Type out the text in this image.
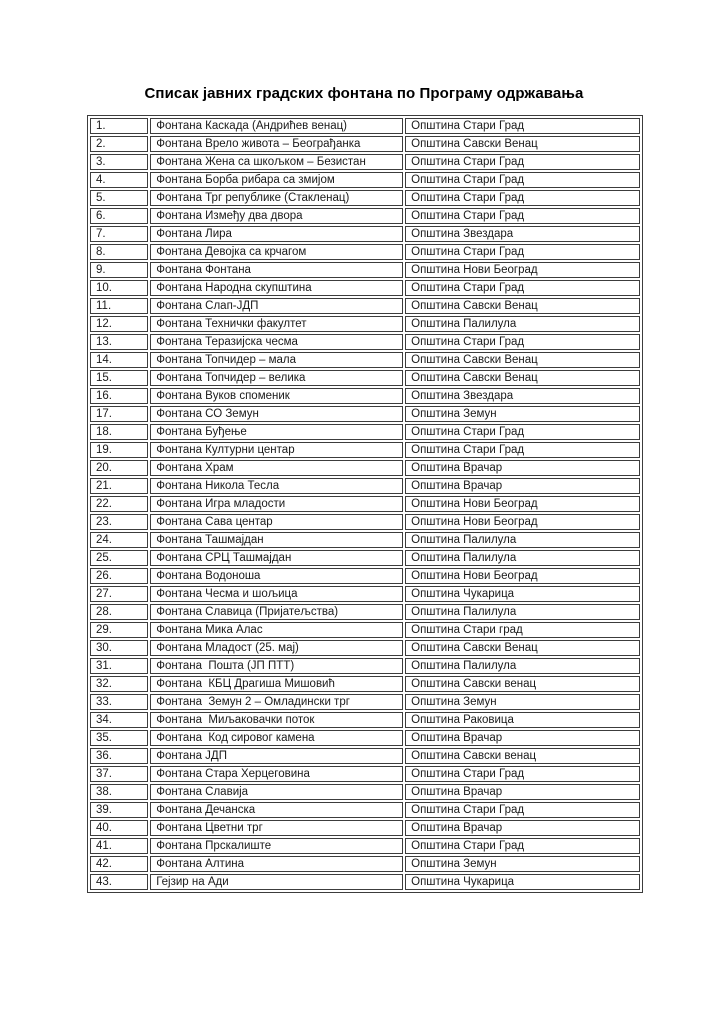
Списак јавних градских фонтана по Програму одржавања
1.	Фонтана Каскада (Андрићев венац)	Општина Стари Град
2.	Фонтана Врело живота – Београђанка	Општина Савски Венац
3.	Фонтана Жена са шкољком – Безистан	Општина Стари Град
4.	Фонтана Борба рибара са змијом	Општина Стари Град
5.	Фонтана Трг републике (Стакленац)	Општина Стари Град
6.	Фонтана Између два двора	Општина Стари Град
7.	Фонтана Лира	Општина Звездара
8.	Фонтана Девојка са крчагом	Општина Стари Град
9.	Фонтана Фонтана	Општина Нови Београд
10.	Фонтана Народна скупштина	Општина Стари Град
11.	Фонтана Слап-ЈДП	Општина Савски Венац
12.	Фонтана Технички факултет	Општина Палилула
13.	Фонтана Теразијска чесма	Општина Стари Град
14.	Фонтана Топчидер – мала	Општина Савски Венац
15.	Фонтана Топчидер – велика	Општина Савски Венац
16.	Фонтана Вуков споменик	Општина Звездара
17.	Фонтана СО Земун	Општина Земун
18.	Фонтана Буђење	Општина Стари Град
19.	Фонтана Културни центар	Општина Стари Град
20.	Фонтана Храм	Општина Врачар
21.	Фонтана Никола Тесла	Општина Врачар
22.	Фонтана Игра младости	Општина Нови Београд
23.	Фонтана Сава центар	Општина Нови Београд
24.	Фонтана Ташмајдан	Општина Палилула
25.	Фонтана СРЦ Ташмајдан	Општина Палилула
26.	Фонтана Водоноша	Општина Нови Београд
27.	Фонтана Чесма и шољица	Општина Чукарица
28.	Фонтана Славица (Пријатељства)	Општина Палилула
29.	Фонтана Мика Алас	Општина Стари град
30.	Фонтана Младост (25. мај)	Општина Савски Венац
31.	Фонтана  Пошта (ЈП ПТТ)	Општина Палилула
32.	Фонтана  КБЦ Драгиша Мишовић	Општина Савски венац
33.	Фонтана  Земун 2 – Омладински трг	Општина Земун
34.	Фонтана  Миљаковачки поток	Општина Раковица
35.	Фонтана  Код сировог камена	Општина Врачар
36.	Фонтана ЈДП	Општина Савски венац
37.	Фонтана Стара Херцеговина	Општина Стари Град
38.	Фонтана Славија	Општина Врачар
39.	Фонтана Дечанска	Општина Стари Град
40.	Фонтана Цветни трг	Општина Врачар
41.	Фонтана Прскалиште	Општина Стари Град
42.	Фонтана Алтина	Општина Земун
43.	Гејзир на Ади	Општина Чукарица
